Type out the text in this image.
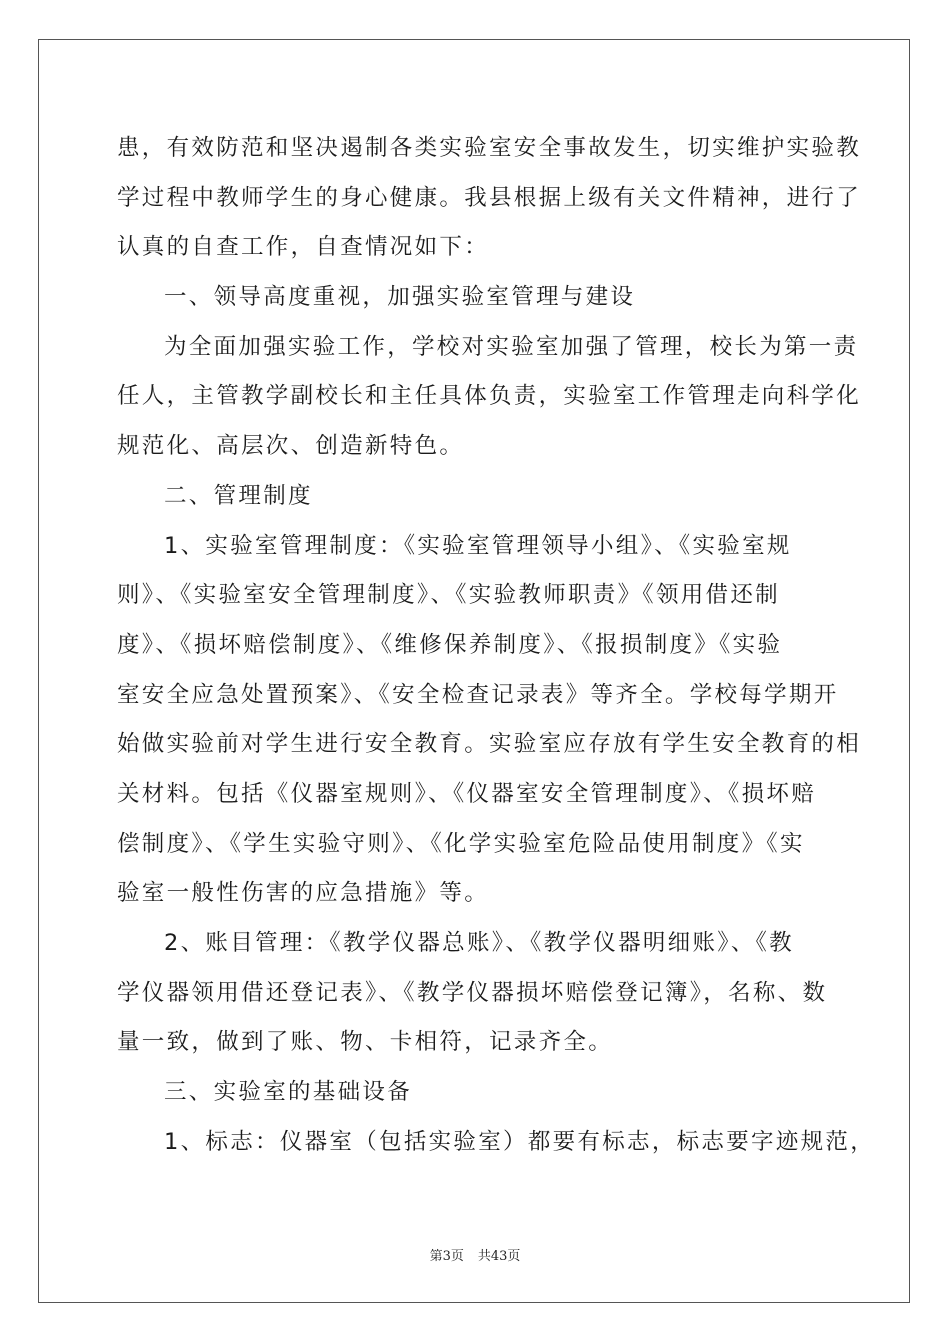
患，有效防范和坚决遏制各类实验室安全事故发生，切实维护实验教
学过程中教师学生的身心健康。我县根据上级有关文件精神，进行了
认真的自查工作，自查情况如下：
一、领导高度重视，加强实验室管理与建设
为全面加强实验工作，学校对实验室加强了管理，校长为第一责
任人，主管教学副校长和主任具体负责，实验室工作管理走向科学化
规范化、高层次、创造新特色。
二、管理制度
1、实验室管理制度：《实验室管理领导小组》、《实验室规
则》、《实验室安全管理制度》、《实验教师职责》《领用借还制
度》、《损坏赔偿制度》、《维修保养制度》、《报损制度》《实验
室安全应急处置预案》、《安全检查记录表》等齐全。学校每学期开
始做实验前对学生进行安全教育。实验室应存放有学生安全教育的相
关材料。包括《仪器室规则》、《仪器室安全管理制度》、《损坏赔
偿制度》、《学生实验守则》、《化学实验室危险品使用制度》《实
验室一般性伤害的应急措施》等。
2、账目管理：《教学仪器总账》、《教学仪器明细账》、《教
学仪器领用借还登记表》、《教学仪器损坏赔偿登记簿》，名称、数
量一致，做到了账、物、卡相符，记录齐全。
三、实验室的基础设备
1、标志：仪器室（包括实验室）都要有标志，标志要字迹规范，
第3页 共43页
